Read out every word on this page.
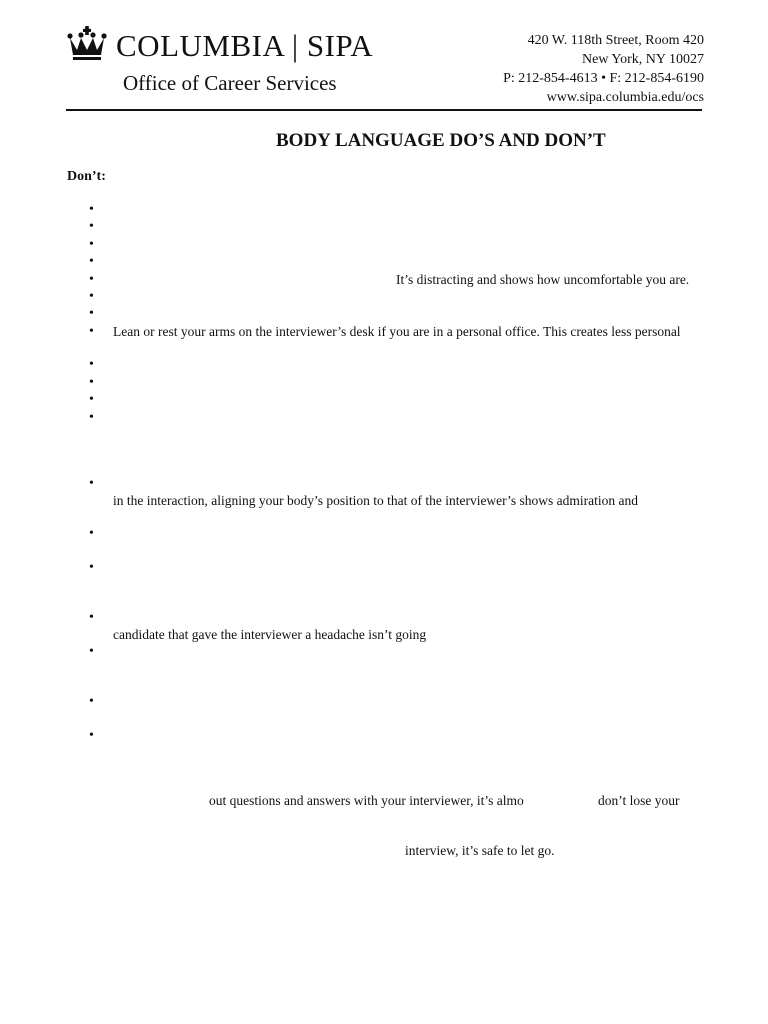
COLUMBIA | SIPA
Office of Career Services
420 W. 118th Street, Room 420
New York, NY 10027
P: 212-854-4613 • F: 212-854-6190
www.sipa.columbia.edu/ocs
BODY LANGUAGE DO’S AND DON’T
Don’t:
•
•
•
•
•
•
•
•
•
•
•
•
•
•
•
•
•
•
•
It’s distracting and shows how uncomfortable you are.
Lean or rest your arms on the interviewer’s desk if you are in a personal office. This creates less personal
in the interaction, aligning your body’s position to that of the interviewer’s shows admiration and
candidate that gave the interviewer a headache isn’t going
out questions and answers with your interviewer, it’s almo	don’t lose your
interview, it’s safe to let go.
